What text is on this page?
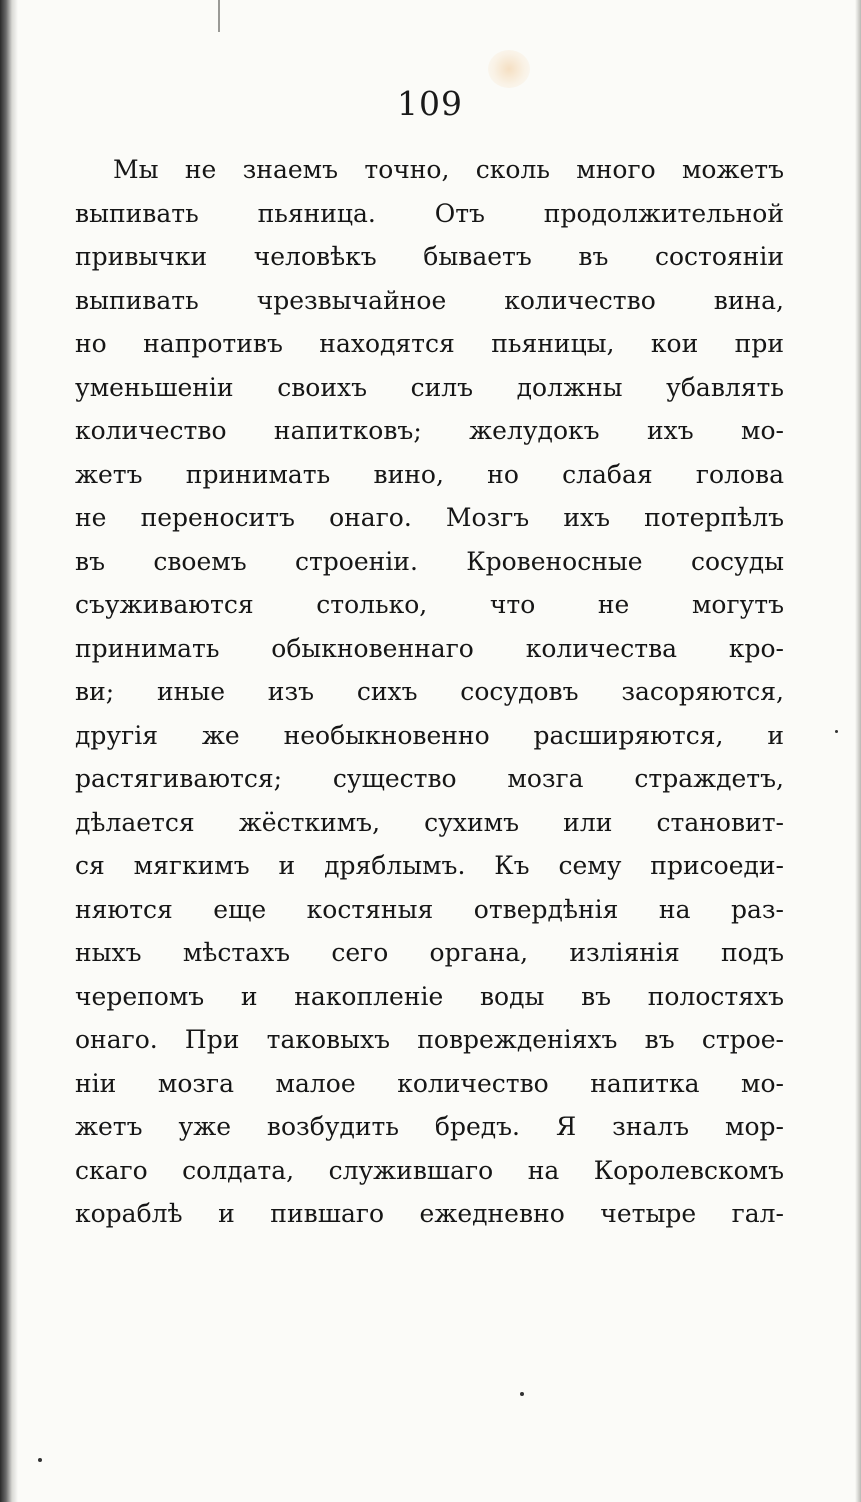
109
Мы не знаемъ точно, сколь много можетъ
выпивать пьяница. Отъ продолжительной
привычки человѣкъ бываетъ въ состоянiи
выпивать чрезвычайное количество вина,
но напротивъ находятся пьяницы, кои при
уменьшенiи своихъ силъ должны убавлять
количество напитковъ; желудокъ ихъ мо-
жетъ принимать вино, но слабая голова
не переноситъ онаго. Мозгъ ихъ потерпѣлъ
въ своемъ строенiи. Кровеносные сосуды
съуживаются столько, что не могутъ
принимать обыкновеннаго количества кро-
ви; иные изъ сихъ сосудовъ засоряются,
другiя же необыкновенно расширяются, и
растягиваются; существо мозга страждетъ,
дѣлается жёсткимъ, сухимъ или становит-
ся мягкимъ и дряблымъ. Къ сему присоеди-
няются еще костяныя отвердѣнiя на раз-
ныхъ мѣстахъ сего органа, излiянiя подъ
черепомъ и накопленiе воды въ полостяхъ
онаго. При таковыхъ поврежденiяхъ въ строе-
нiи мозга малое количество напитка мо-
жетъ уже возбудить бредъ. Я зналъ мор-
скаго солдата, служившаго на Королевскомъ
кораблѣ и пившаго ежедневно четыре гал-
